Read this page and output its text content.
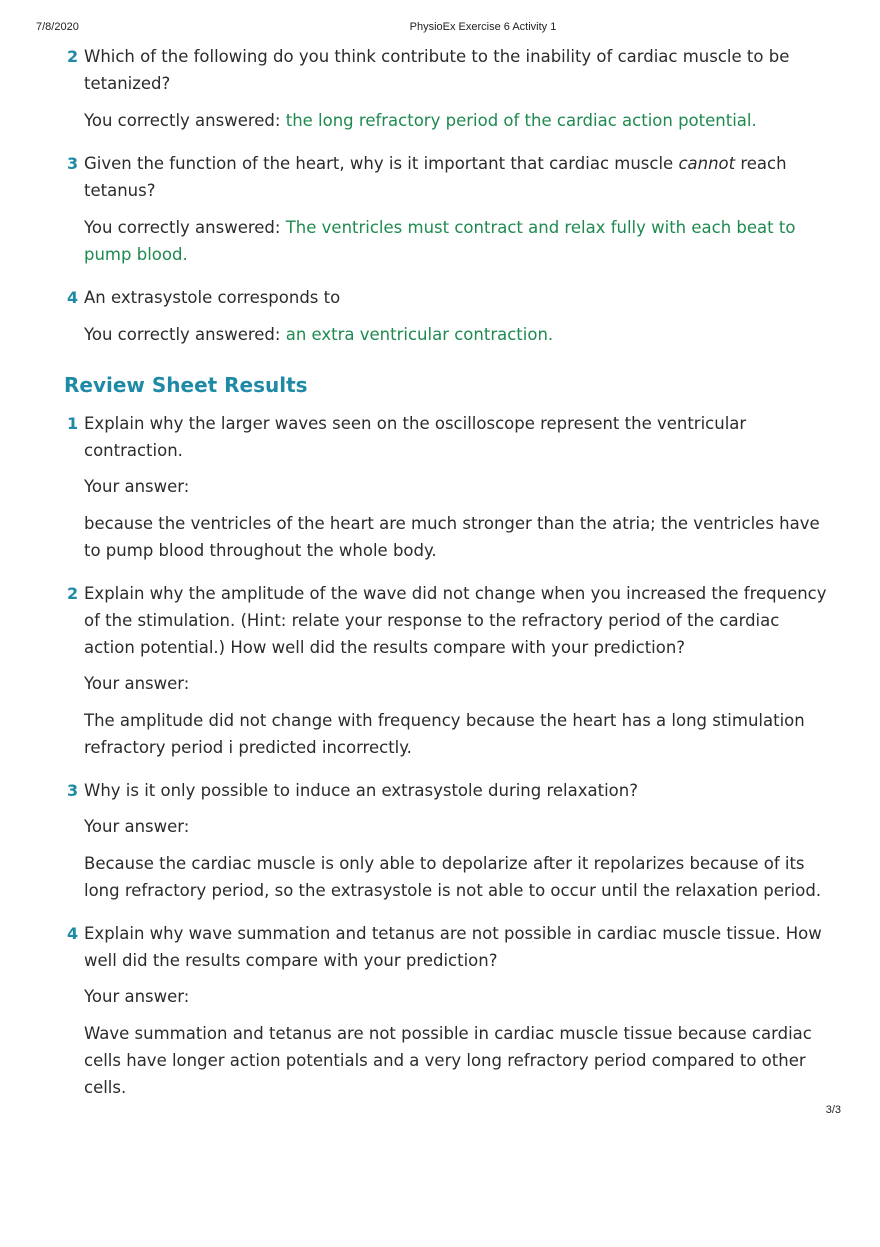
7/8/2020	PhysioEx Exercise 6 Activity 1
2 Which of the following do you think contribute to the inability of cardiac muscle to be tetanized?

You correctly answered: the long refractory period of the cardiac action potential.

3 Given the function of the heart, why is it important that cardiac muscle cannot reach tetanus?

You correctly answered: The ventricles must contract and relax fully with each beat to pump blood.

4 An extrasystole corresponds to

You correctly answered: an extra ventricular contraction.

Review Sheet Results
1 Explain why the larger waves seen on the oscilloscope represent the ventricular contraction.

Your answer:

because the ventricles of the heart are much stronger than the atria; the ventricles have to pump blood throughout the whole body.

2 Explain why the amplitude of the wave did not change when you increased the frequency of the stimulation. (Hint: relate your response to the refractory period of the cardiac action potential.) How well did the results compare with your prediction?

Your answer:

The amplitude did not change with frequency because the heart has a long stimulation refractory period i predicted incorrectly.

3 Why is it only possible to induce an extrasystole during relaxation?

Your answer:

Because the cardiac muscle is only able to depolarize after it repolarizes because of its long refractory period, so the extrasystole is not able to occur until the relaxation period.

4 Explain why wave summation and tetanus are not possible in cardiac muscle tissue. How well did the results compare with your prediction?

Your answer:

Wave summation and tetanus are not possible in cardiac muscle tissue because cardiac cells have longer action potentials and a very long refractory period compared to other cells.

3/3
